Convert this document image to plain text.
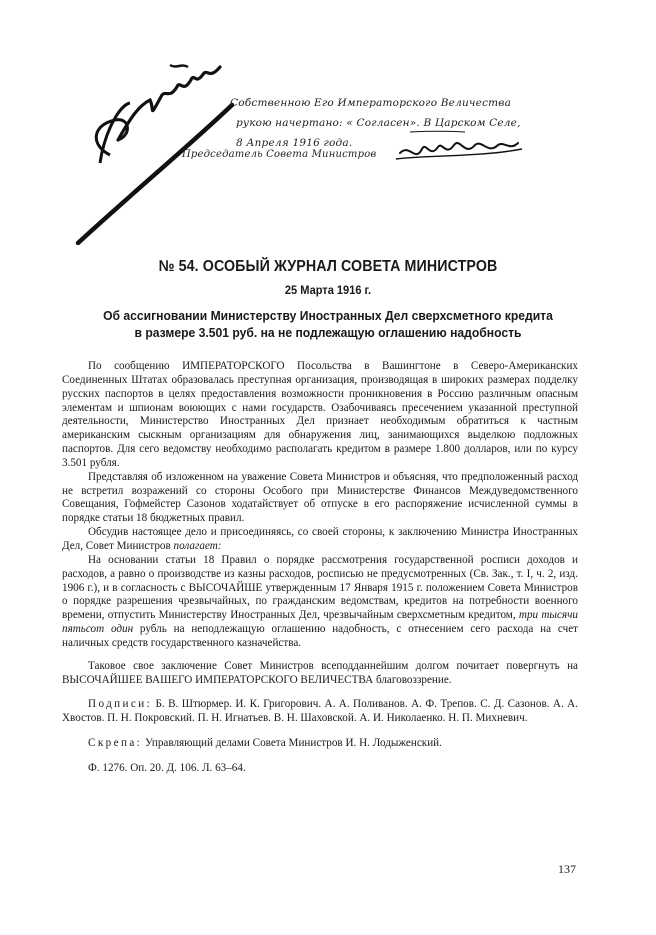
Собственною Его Императорского Величества
рукою начертано: « Согласен». В Царском Селе,
8 Апреля 1916 года.
Председатель Совета Министров
№ 54. ОСОБЫЙ ЖУРНАЛ СОВЕТА МИНИСТРОВ
25 Марта 1916 г.
Об ассигновании Министерству Иностранных Дел сверхсметного кредита
в размере 3.501 руб. на не подлежащую оглашению надобность

По сообщению ИМПЕРАТОРСКОГО Посольства в Вашингтоне в Северо-Американских Соединенных Штатах образовалась преступная организация, производящая в широких размерах подделку русских паспортов в целях предоставления возможности проникновения в Россию различным опасным элементам и шпионам воюющих с нами государств. Озабочиваясь пресечением указанной преступной деятельности, Министерство Иностранных Дел признает необходимым обратиться к частным американским сыскным организациям для обнаружения лиц, занимающихся выделкою подложных паспортов. Для сего ведомству необходимо располагать кредитом в размере 1.800 долларов, или по курсу 3.501 рубля.

Представляя об изложенном на уважение Совета Министров и объясняя, что предположенный расход не встретил возражений со стороны Особого при Министерстве Финансов Междуведомственного Совещания, Гофмейстер Сазонов ходатайствует об отпуске в его распоряжение исчисленной суммы в порядке статьи 18 бюджетных правил.

Обсудив настоящее дело и присоединяясь, со своей стороны, к заключению Министра Иностранных Дел, Совет Министров полагает:

На основании статьи 18 Правил о порядке рассмотрения государственной росписи доходов и расходов, а равно о производстве из казны расходов, росписью не предусмотренных (Св. Зак., т. I, ч. 2, изд. 1906 г.), и в согласность с ВЫСОЧАЙШЕ утвержденным 17 Января 1915 г. положением Совета Министров о порядке разрешения чрезвычайных, по гражданским ведомствам, кредитов на потребности военного времени, отпустить Министерству Иностранных Дел, чрезвычайным сверхсметным кредитом, три тысячи пятьсот один рубль на неподлежащую оглашению надобность, с отнесением сего расхода на счет наличных средств государственного казначейства.

Таковое свое заключение Совет Министров всеподданнейшим долгом почитает повергнуть на ВЫСОЧАЙШЕЕ ВАШЕГО ИМПЕРАТОРСКОГО ВЕЛИЧЕСТВА благовоззрение.

Подписи: Б. В. Штюрмер. И. К. Григорович. А. А. Поливанов. А. Ф. Трепов. С. Д. Сазонов. А. А. Хвостов. П. Н. Покровский. П. Н. Игнатьев. В. Н. Шаховской. А. И. Николаенко. Н. П. Михневич.

Скрепа: Управляющий делами Совета Министров И. Н. Лодыженский.

Ф. 1276. Оп. 20. Д. 106. Л. 63–64.

137
